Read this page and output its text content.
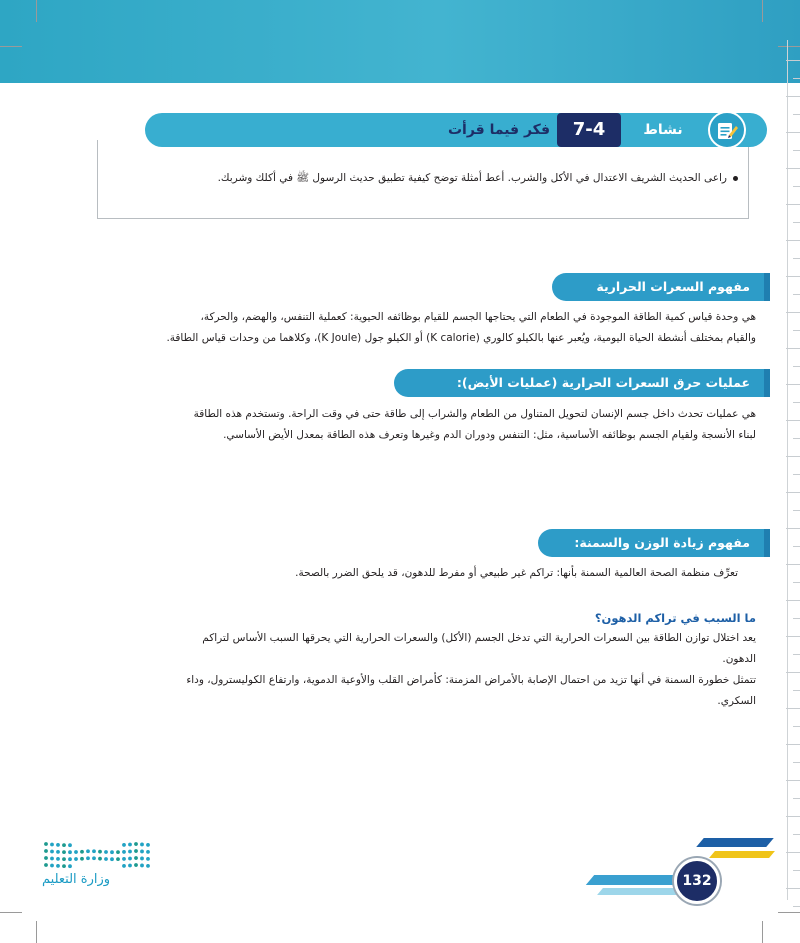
نشاط
7-4
فكر فيما قرأت
راعى الحديث الشريف الاعتدال في الأكل والشرب. أعط أمثلة توضح كيفية تطبيق حديث الرسول ﷺ في أكلك وشربك.
مفهوم السعرات الحرارية
هي وحدة قياس كمية الطاقة الموجودة في الطعام التي يحتاجها الجسم للقيام بوظائفه الحيوية: كعملية التنفس، والهضم، والحركة،
والقيام بمختلف أنشطة الحياة اليومية، ويُعبر عنها بالكيلو كالوري (K calorie) أو الكيلو جول (K Joule)، وكلاهما من وحدات قياس الطاقة.
عمليات حرق السعرات الحرارية (عمليات الأيض):
هي عمليات تحدث داخل جسم الإنسان لتحويل المتناول من الطعام والشراب إلى طاقة حتى في وقت الراحة. وتستخدم هذه الطاقة
لبناء الأنسجة ولقيام الجسم بوظائفه الأساسية، مثل: التنفس ودوران الدم وغيرها وتعرف هذه الطاقة بمعدل الأيض الأساسي.
مفهوم زيادة الوزن والسمنة:
تعرِّف منظمة الصحة العالمية السمنة بأنها: تراكم غير طبيعي أو مفرط للدهون، قد يلحق الضرر بالصحة.
ما السبب في تراكم الدهون؟
يعد اختلال توازن الطاقة بين السعرات الحرارية التي تدخل الجسم (الأكل) والسعرات الحرارية التي يحرقها السبب الأساس لتراكم
الدهون.
تتمثل خطورة السمنة في أنها تزيد من احتمال الإصابة بالأمراض المزمنة: كأمراض القلب والأوعية الدموية، وارتفاع الكوليسترول، وداء
السكري.
وزارة التعليم	132
